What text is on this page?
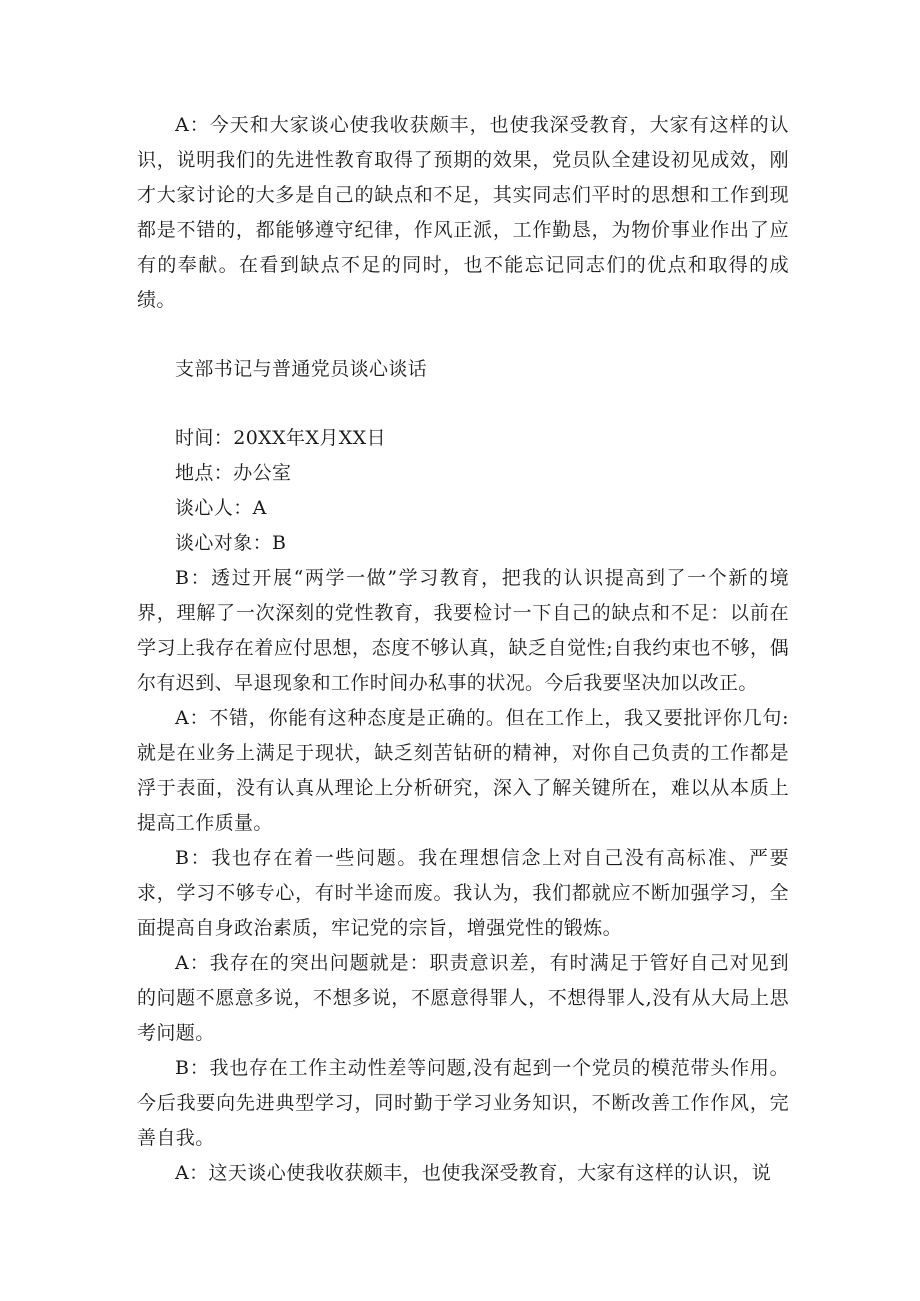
A：今天和大家谈心使我收获颇丰，也使我深受教育，大家有这样的认识，说明我们的先进性教育取得了预期的效果，党员队全建设初见成效，刚才大家讨论的大多是自己的缺点和不足，其实同志们平时的思想和工作到现都是不错的，都能够遵守纪律，作风正派，工作勤恳，为物价事业作出了应有的奉献。在看到缺点不足的同时，也不能忘记同志们的优点和取得的成绩。

支部书记与普通党员谈心谈话

时间：20XX年X月XX日

地点：办公室

谈心人：A

谈心对象：B

B：透过开展“两学一做”学习教育，把我的认识提高到了一个新的境界，理解了一次深刻的党性教育，我要检讨一下自己的缺点和不足：以前在学习上我存在着应付思想，态度不够认真，缺乏自觉性;自我约束也不够，偶尔有迟到、早退现象和工作时间办私事的状况。今后我要坚决加以改正。

A：不错，你能有这种态度是正确的。但在工作上，我又要批评你几句:就是在业务上满足于现状，缺乏刻苦钻研的精神，对你自己负责的工作都是浮于表面，没有认真从理论上分析研究，深入了解关键所在，难以从本质上提高工作质量。

B：我也存在着一些问题。我在理想信念上对自己没有高标准、严要求，学习不够专心，有时半途而废。我认为，我们都就应不断加强学习，全面提高自身政治素质，牢记党的宗旨，增强党性的锻炼。

A：我存在的突出问题就是：职责意识差，有时满足于管好自己对见到的问题不愿意多说，不想多说，不愿意得罪人，不想得罪人,没有从大局上思考问题。

B：我也存在工作主动性差等问题,没有起到一个党员的模范带头作用。今后我要向先进典型学习，同时勤于学习业务知识，不断改善工作作风，完善自我。

A：这天谈心使我收获颇丰，也使我深受教育，大家有这样的认识，说
